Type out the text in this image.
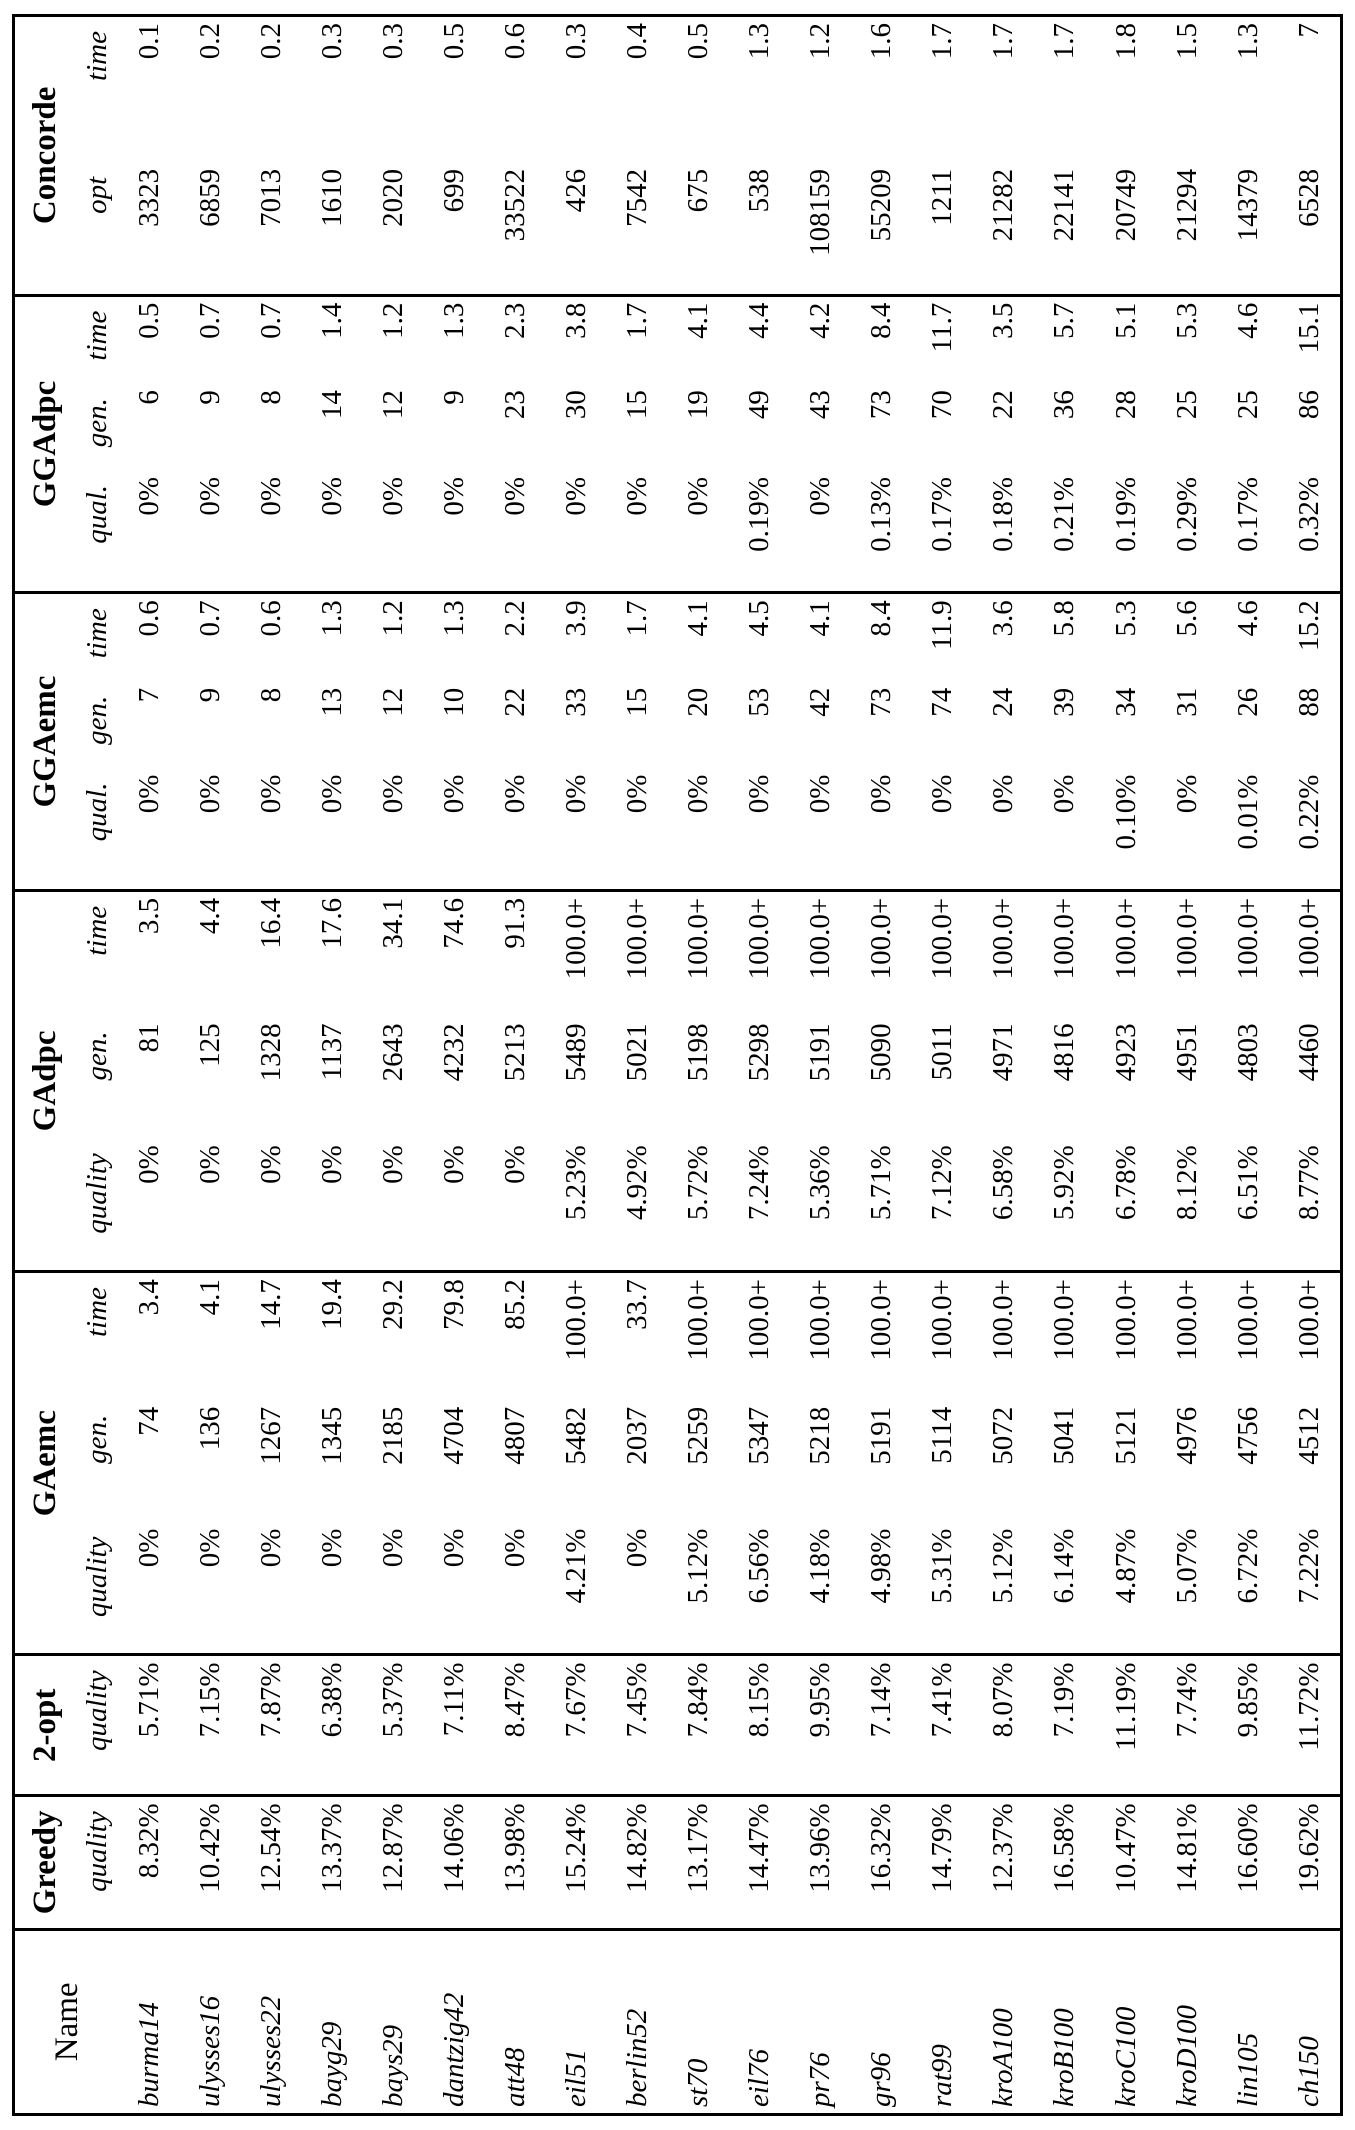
Name	Greedy	2-opt	GAemc			GAdpc			GGAemc			GGAdpc			Concorde	
	quality	quality	quality	gen.	time	quality	gen.	time	qual.	gen.	time	qual.	gen.	time	opt	time
burma14	8.32%	5.71%	0%	74	3.4	0%	81	3.5	0%	7	0.6	0%	6	0.5	3323	0.1
ulysses16	10.42%	7.15%	0%	136	4.1	0%	125	4.4	0%	9	0.7	0%	9	0.7	6859	0.2
ulysses22	12.54%	7.87%	0%	1267	14.7	0%	1328	16.4	0%	8	0.6	0%	8	0.7	7013	0.2
bayg29	13.37%	6.38%	0%	1345	19.4	0%	1137	17.6	0%	13	1.3	0%	14	1.4	1610	0.3
bays29	12.87%	5.37%	0%	2185	29.2	0%	2643	34.1	0%	12	1.2	0%	12	1.2	2020	0.3
dantzig42	14.06%	7.11%	0%	4704	79.8	0%	4232	74.6	0%	10	1.3	0%	9	1.3	699	0.5
att48	13.98%	8.47%	0%	4807	85.2	0%	5213	91.3	0%	22	2.2	0%	23	2.3	33522	0.6
eil51	15.24%	7.67%	4.21%	5482	100.0+	5.23%	5489	100.0+	0%	33	3.9	0%	30	3.8	426	0.3
berlin52	14.82%	7.45%	0%	2037	33.7	4.92%	5021	100.0+	0%	15	1.7	0%	15	1.7	7542	0.4
st70	13.17%	7.84%	5.12%	5259	100.0+	5.72%	5198	100.0+	0%	20	4.1	0%	19	4.1	675	0.5
eil76	14.47%	8.15%	6.56%	5347	100.0+	7.24%	5298	100.0+	0%	53	4.5	0.19%	49	4.4	538	1.3
pr76	13.96%	9.95%	4.18%	5218	100.0+	5.36%	5191	100.0+	0%	42	4.1	0%	43	4.2	108159	1.2
gr96	16.32%	7.14%	4.98%	5191	100.0+	5.71%	5090	100.0+	0%	73	8.4	0.13%	73	8.4	55209	1.6
rat99	14.79%	7.41%	5.31%	5114	100.0+	7.12%	5011	100.0+	0%	74	11.9	0.17%	70	11.7	1211	1.7
kroA100	12.37%	8.07%	5.12%	5072	100.0+	6.58%	4971	100.0+	0%	24	3.6	0.18%	22	3.5	21282	1.7
kroB100	16.58%	7.19%	6.14%	5041	100.0+	5.92%	4816	100.0+	0%	39	5.8	0.21%	36	5.7	22141	1.7
kroC100	10.47%	11.19%	4.87%	5121	100.0+	6.78%	4923	100.0+	0.10%	34	5.3	0.19%	28	5.1	20749	1.8
kroD100	14.81%	7.74%	5.07%	4976	100.0+	8.12%	4951	100.0+	0%	31	5.6	0.29%	25	5.3	21294	1.5
lin105	16.60%	9.85%	6.72%	4756	100.0+	6.51%	4803	100.0+	0.01%	26	4.6	0.17%	25	4.6	14379	1.3
ch150	19.62%	11.72%	7.22%	4512	100.0+	8.77%	4460	100.0+	0.22%	88	15.2	0.32%	86	15.1	6528	7
